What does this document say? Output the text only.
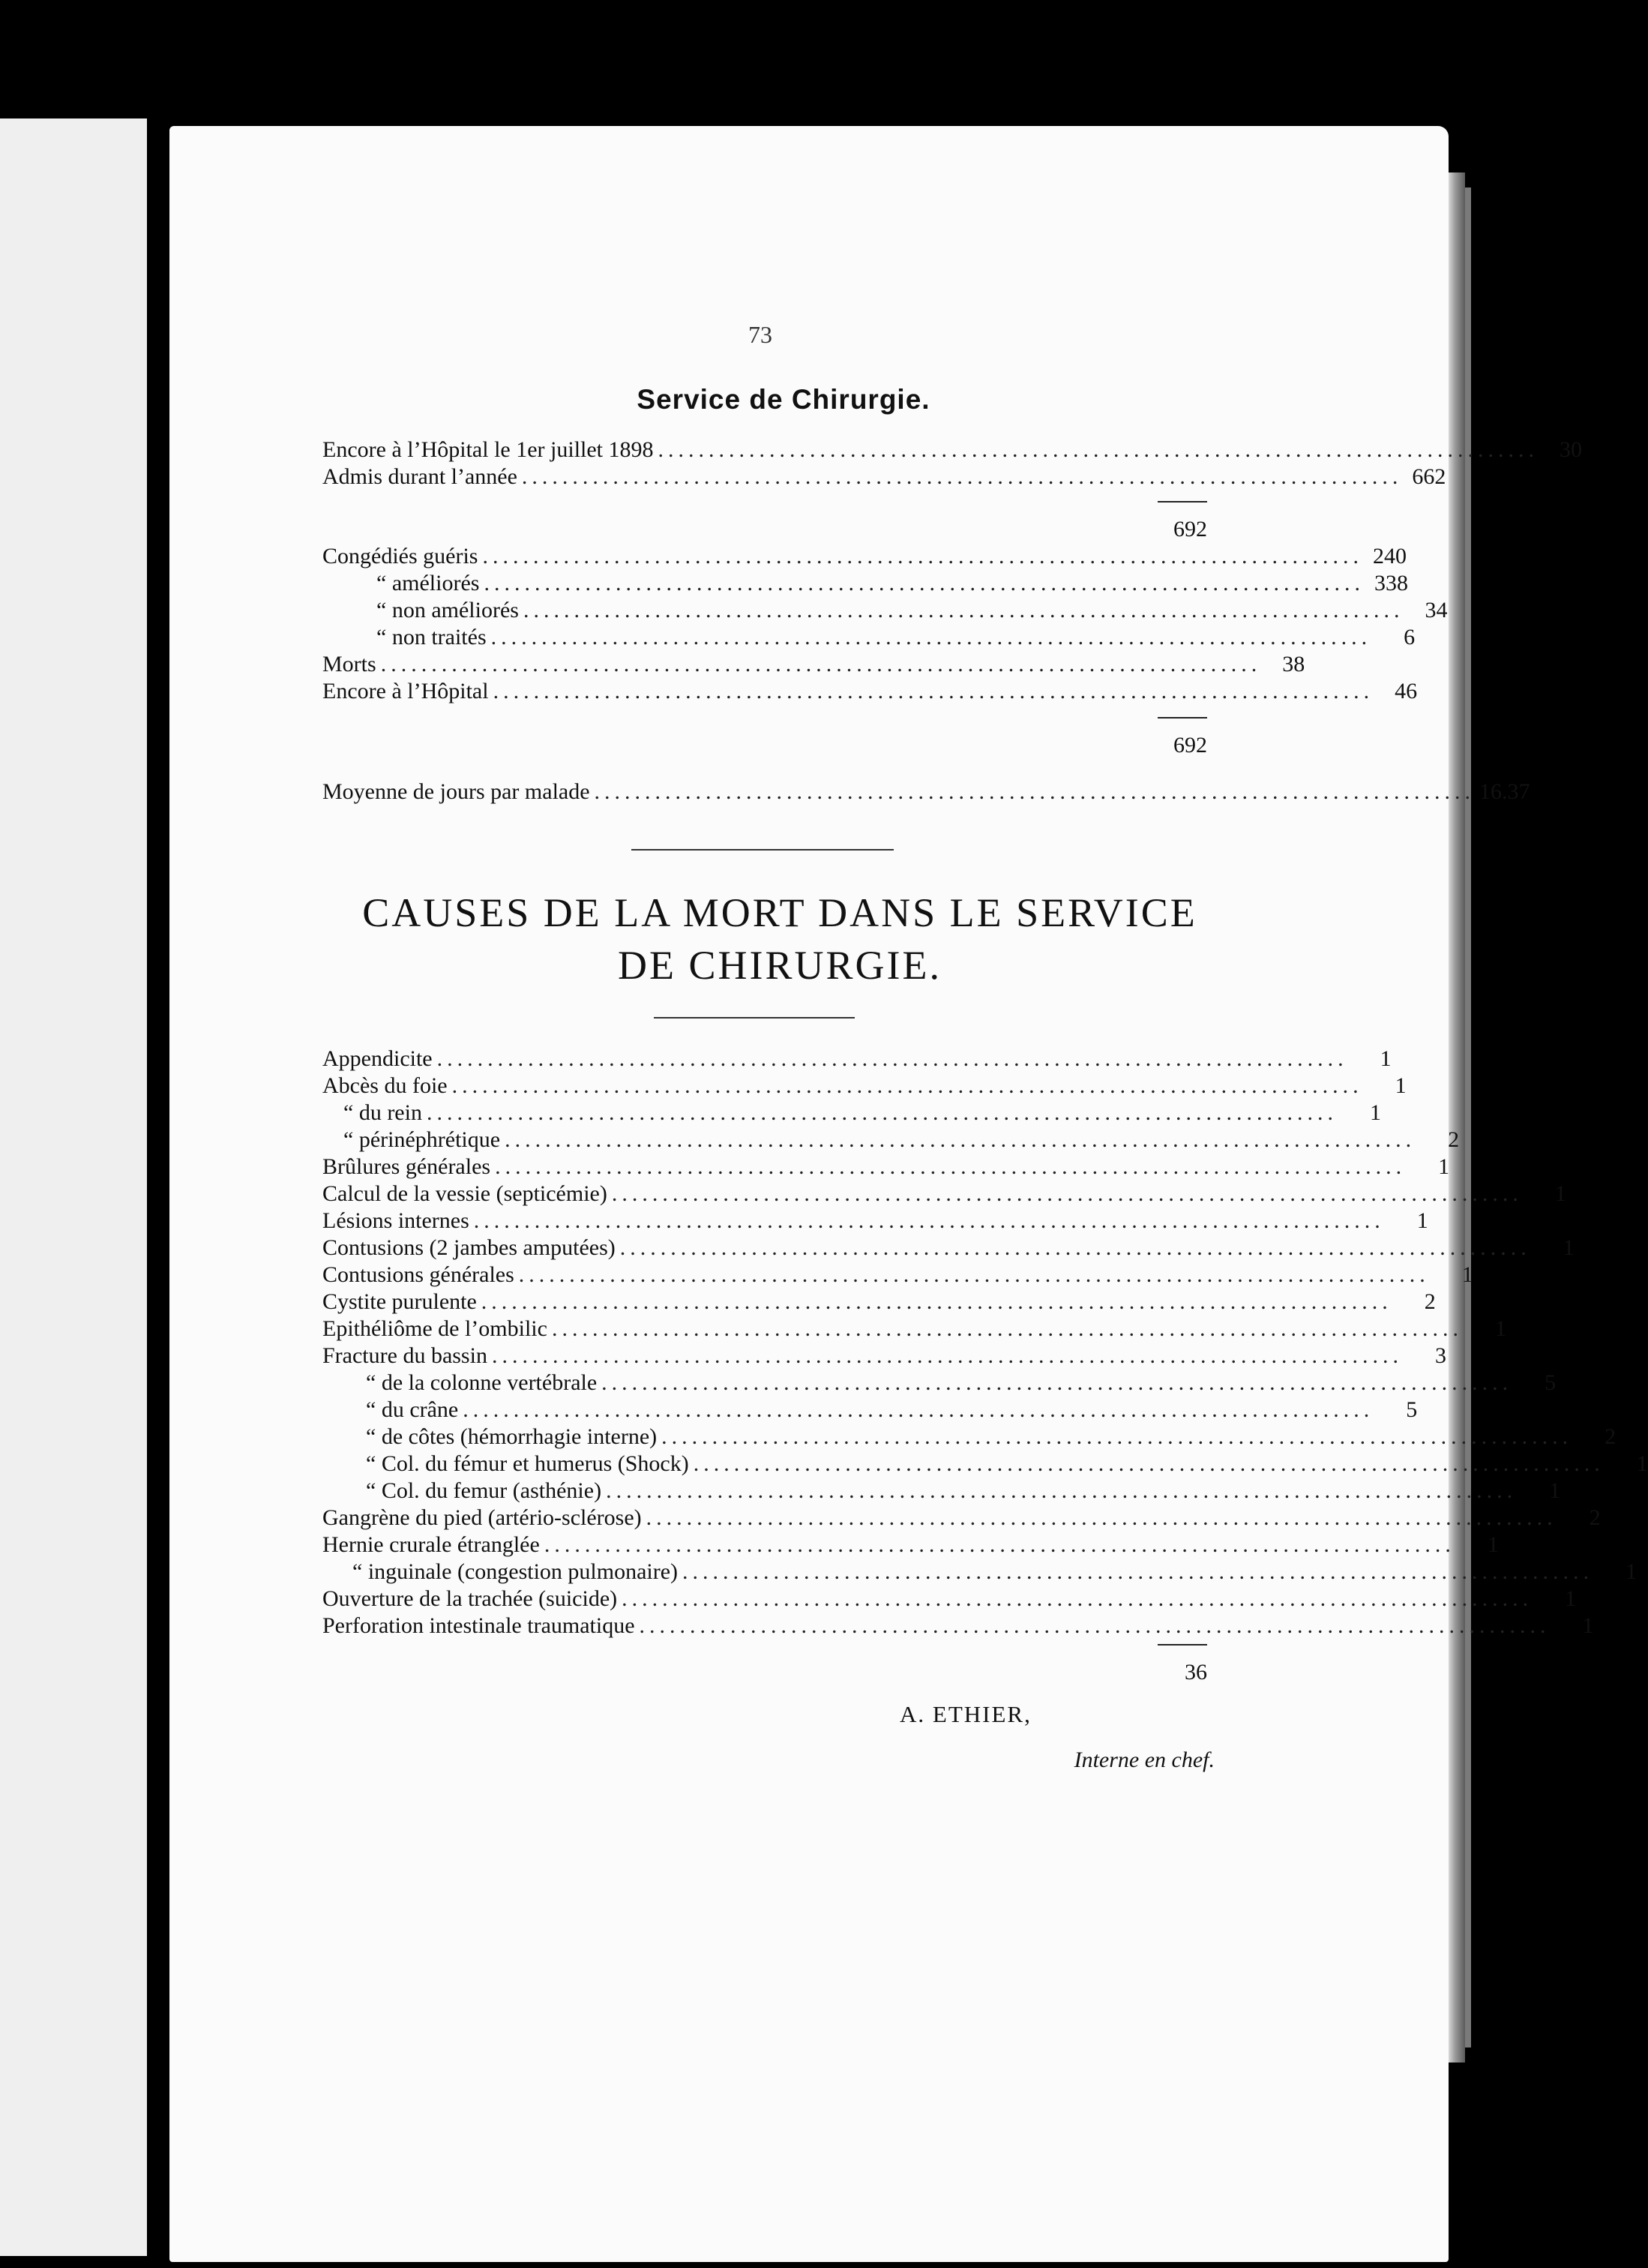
73
Service de Chirurgie.
Encore à l’Hôpital le 1er juillet 1898 ....................................................................................... 30
Admis durant l’année ....................................................................................... 662
692
Congédiés guéris ....................................................................................... 240
“ améliorés ....................................................................................... 338
“ non améliorés ....................................................................................... 34
“ non traités .......................................................................................	6
Morts ....................................................................................... 38
Encore à l’Hôpital ....................................................................................... 46
692
Moyenne de jours par malade ....................................................................................... 16.37
CAUSES DE LA MORT DANS LE SERVICE
DE CHIRURGIE.
Appendicite ..........................................................................................	1
Abcès du foie ..........................................................................................	1
“ du rein ..........................................................................................	1
“ périnéphrétique ..........................................................................................	2
Brûlures générales ..........................................................................................	1
Calcul de la vessie (septicémie) ..........................................................................................	1
Lésions internes ..........................................................................................	1
Contusions (2 jambes amputées) ..........................................................................................	1
Contusions générales ..........................................................................................	1
Cystite purulente ..........................................................................................	2
Epithéliôme de l’ombilic ..........................................................................................	1
Fracture du bassin ..........................................................................................	3
“ de la colonne vertébrale ..........................................................................................	5
“ du crâne ..........................................................................................	5
“ de côtes (hémorrhagie interne) ..........................................................................................	2
“ Col. du fémur et humerus (Shock) ..........................................................................................	1
“ Col. du femur (asthénie) ..........................................................................................	1
Gangrène du pied (artério-sclérose) ..........................................................................................	2
Hernie crurale étranglée ..........................................................................................	1
“ inguinale (congestion pulmonaire) ..........................................................................................	1
Ouverture de la trachée (suicide) ..........................................................................................	1
Perforation intestinale traumatique ..........................................................................................	1
36
A. ETHIER,
Interne en chef.
